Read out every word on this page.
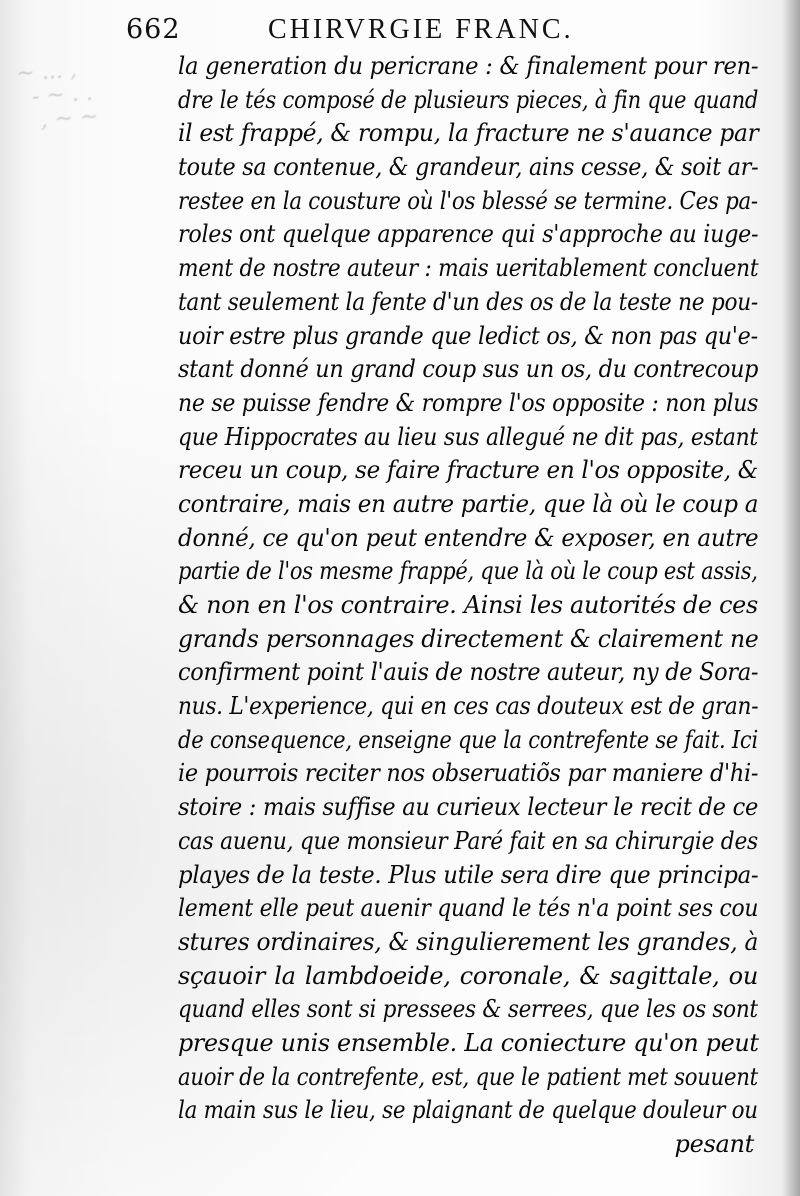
~ ... ,
- ~ . .
, ~ ~
662	CHIRVRGIE FRANC.
la generation du pericrane : & finalement pour ren-
dre le tés composé de plusieurs pieces, à fin que quand
il est frappé, & rompu, la fracture ne s'auance par
toute sa contenue, & grandeur, ains cesse, & soit ar-
restee en la cousture où l'os blessé se termine. Ces pa-
roles ont quelque apparence qui s'approche au iuge-
ment de nostre auteur : mais ueritablement concluent
tant seulement la fente d'un des os de la teste ne pou-
uoir estre plus grande que ledict os, & non pas qu'e-
stant donné un grand coup sus un os, du contrecoup
ne se puisse fendre & rompre l'os opposite : non plus
que Hippocrates au lieu sus allegué ne dit pas, estant
receu un coup, se faire fracture en l'os opposite, &
contraire, mais en autre partie, que là où le coup a
donné, ce qu'on peut entendre & exposer, en autre
partie de l'os mesme frappé, que là où le coup est assis,
& non en l'os contraire. Ainsi les autorités de ces
grands personnages directement & clairement ne
confirment point l'auis de nostre auteur, ny de Sora-
nus. L'experience, qui en ces cas douteux est de gran-
de consequence, enseigne que la contrefente se fait. Ici
ie pourrois reciter nos obseruatiõs par maniere d'hi-
stoire : mais suffise au curieux lecteur le recit de ce
cas auenu, que monsieur Paré fait en sa chirurgie des
playes de la teste. Plus utile sera dire que principa-
lement elle peut auenir quand le tés n'a point ses cou
stures ordinaires, & singulierement les grandes, à
sçauoir la lambdoeide, coronale, & sagittale, ou
quand elles sont si pressees & serrees, que les os sont
presque unis ensemble. La coniecture qu'on peut
auoir de la contrefente, est, que le patient met souuent
la main sus le lieu, se plaignant de quelque douleur ou
pesant
